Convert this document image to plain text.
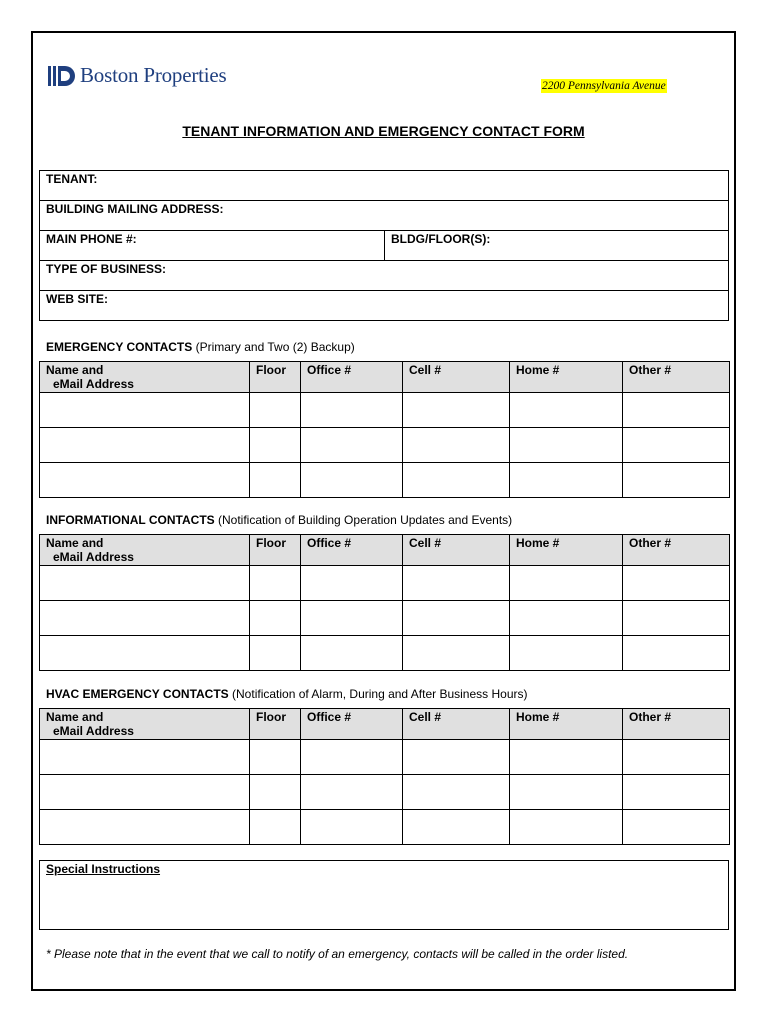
Boston Properties	2200 Pennsylvania Avenue
TENANT INFORMATION AND EMERGENCY CONTACT FORM
TENANT:
BUILDING MAILING ADDRESS:
MAIN PHONE #:	BLDG/FLOOR(S):
TYPE OF BUSINESS:
WEB SITE:
EMERGENCY CONTACTS (Primary and Two (2) Backup)
Name and
eMail Address	Floor	Office #	Cell #	Home #	Other #

INFORMATIONAL CONTACTS (Notification of Building Operation Updates and Events)
Name and
eMail Address	Floor	Office #	Cell #	Home #	Other #

HVAC EMERGENCY CONTACTS (Notification of Alarm, During and After Business Hours)
Name and
eMail Address	Floor	Office #	Cell #	Home #	Other #

Special Instructions
* Please note that in the event that we call to notify of an emergency, contacts will be called in the order listed.
